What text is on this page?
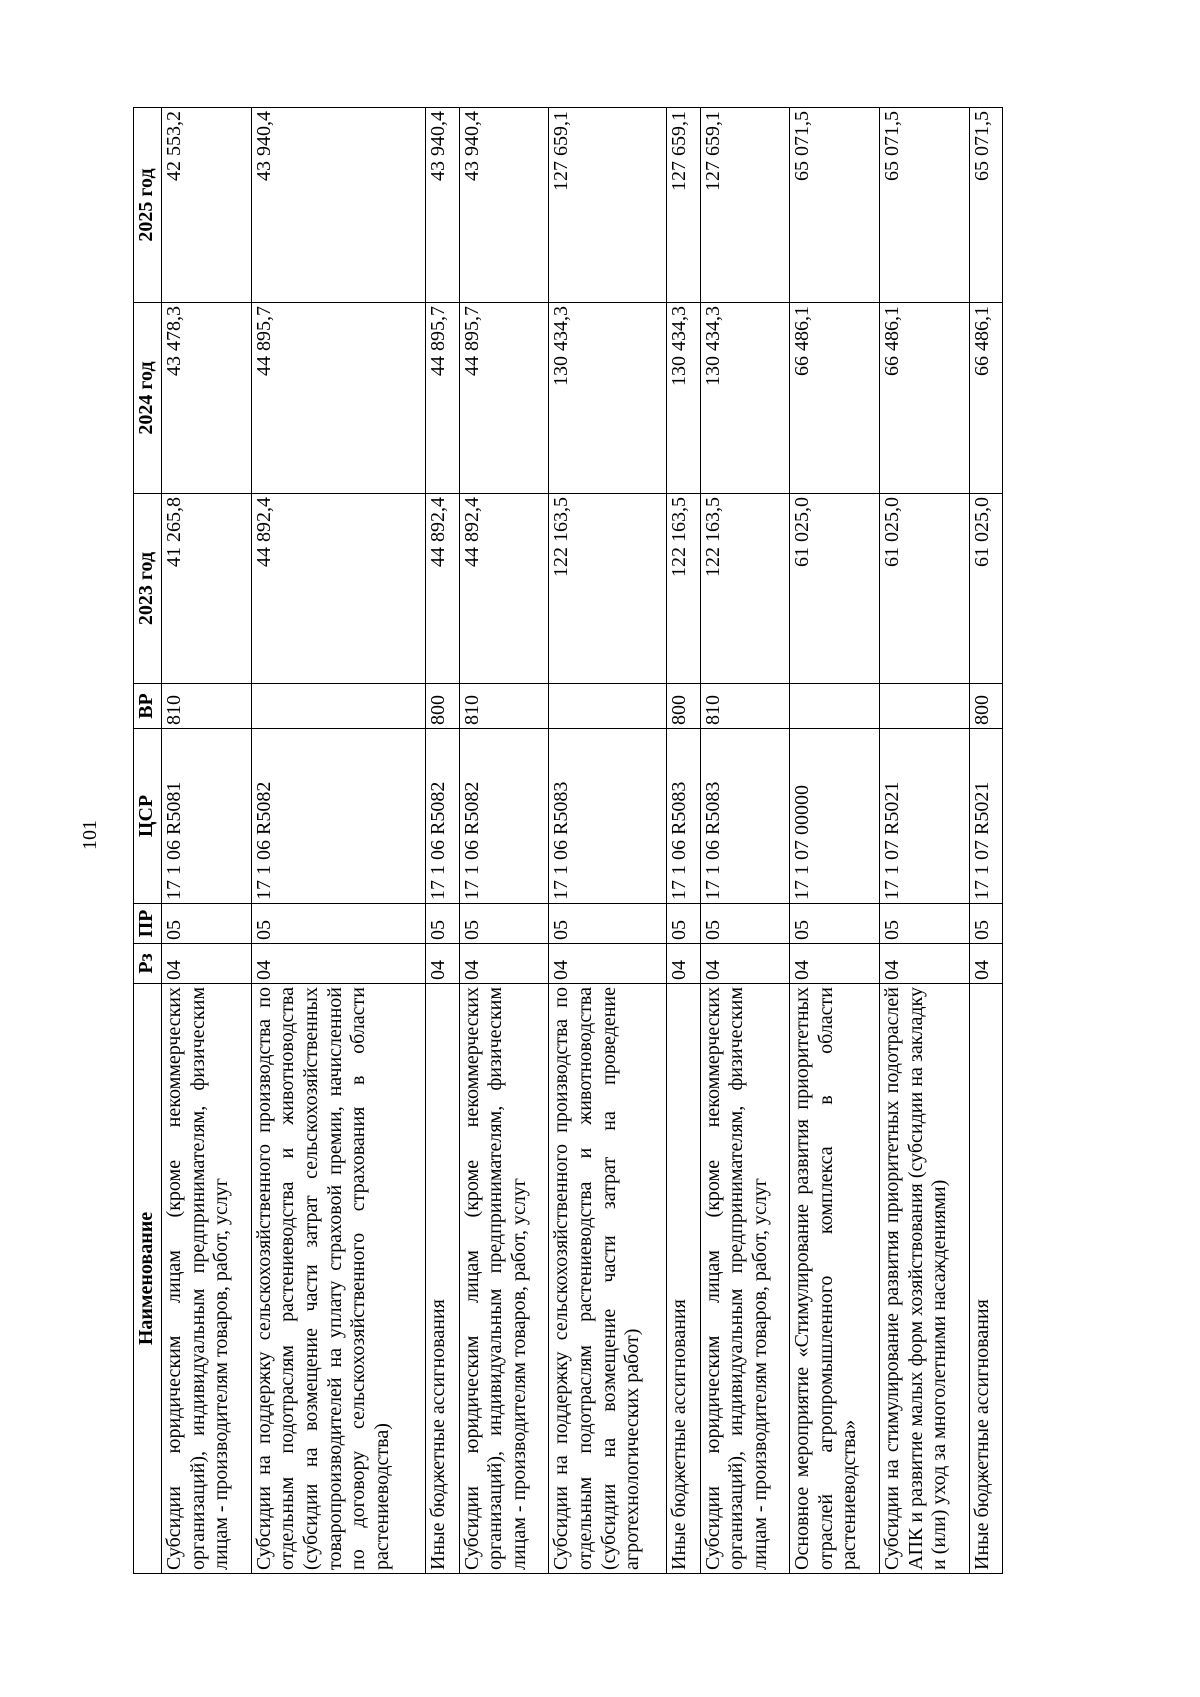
101
Наименование	Рз	ПР	ЦСР	ВР	2023 год	2024 год	2025 год
Субсидии юридическим лицам (кроме некоммерческих организаций), индивидуальным предпринимателям, физическим лицам - производителям товаров, работ, услуг	04	05	17 1 06 R5081	810	41 265,8	43 478,3	42 553,2
Субсидии на поддержку сельскохозяйственного производства по отдельным подотраслям растениеводства и животноводства (субсидии на возмещение части затрат сельскохозяйственных товаропроизводителей на уплату страховой премии, начисленной по договору сельскохозяйственного страхования в области растениеводства)	04	05	17 1 06 R5082		44 892,4	44 895,7	43 940,4
Иные бюджетные ассигнования	04	05	17 1 06 R5082	800	44 892,4	44 895,7	43 940,4
Субсидии юридическим лицам (кроме некоммерческих организаций), индивидуальным предпринимателям, физическим лицам - производителям товаров, работ, услуг	04	05	17 1 06 R5082	810	44 892,4	44 895,7	43 940,4
Субсидии на поддержку сельскохозяйственного производства по отдельным подотраслям растениеводства и животноводства (субсидии на возмещение части затрат на проведение агротехнологических работ)	04	05	17 1 06 R5083		122 163,5	130 434,3	127 659,1
Иные бюджетные ассигнования	04	05	17 1 06 R5083	800	122 163,5	130 434,3	127 659,1
Субсидии юридическим лицам (кроме некоммерческих организаций), индивидуальным предпринимателям, физическим лицам - производителям товаров, работ, услуг	04	05	17 1 06 R5083	810	122 163,5	130 434,3	127 659,1
Основное мероприятие «Стимулирование развития приоритетных отраслей агропромышленного комплекса в области растениеводства»	04	05	17 1 07 00000		61 025,0	66 486,1	65 071,5
Субсидии на стимулирование развития приоритетных подотраслей АПК и развитие малых форм хозяйствования (субсидии на закладку и (или) уход за многолетними насаждениями)	04	05	17 1 07 R5021		61 025,0	66 486,1	65 071,5
Иные бюджетные ассигнования	04	05	17 1 07 R5021	800	61 025,0	66 486,1	65 071,5
